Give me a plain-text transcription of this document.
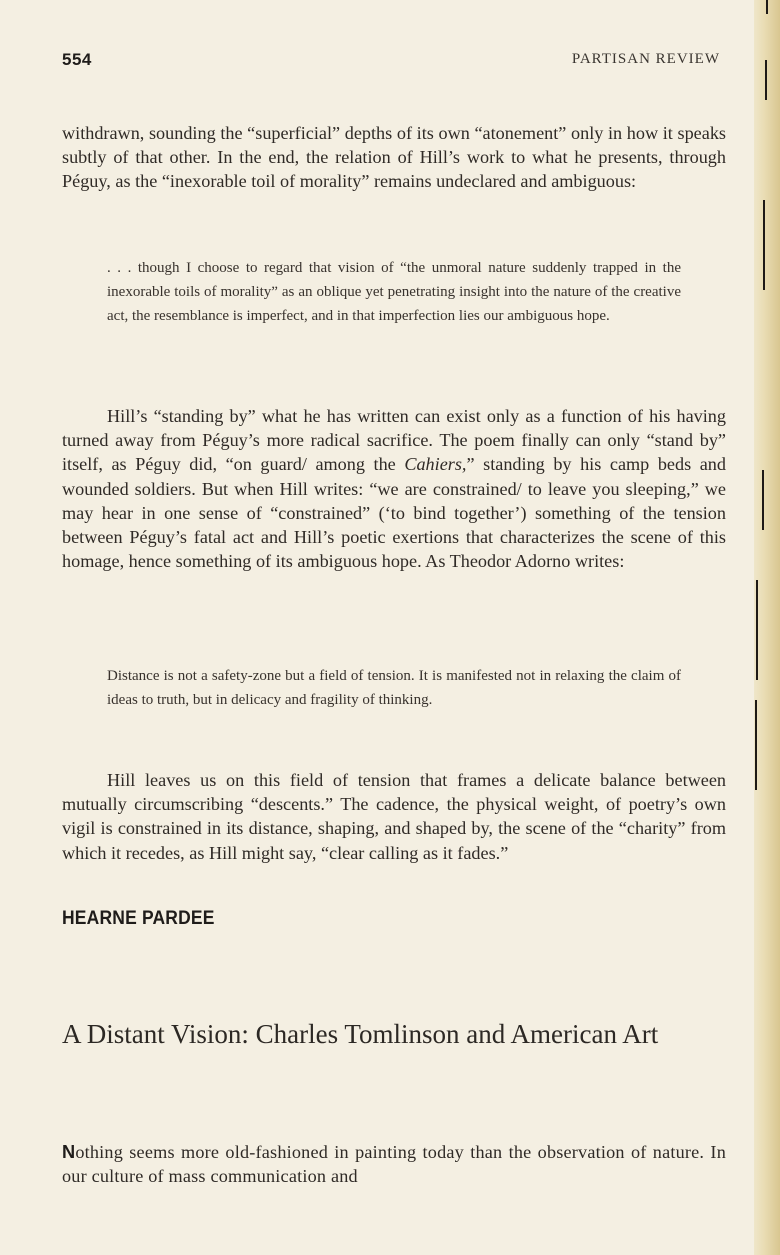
554	PARTISAN REVIEW

withdrawn, sounding the “superficial” depths of its own “atonement” only in how it speaks subtly of that other. In the end, the relation of Hill’s work to what he presents, through Péguy, as the “inexorable toil of morality” remains undeclared and ambiguous:

. . . though I choose to regard that vision of “the unmoral nature suddenly trapped in the inexorable toils of morality” as an oblique yet penetrating insight into the nature of the creative act, the resemblance is imperfect, and in that imperfection lies our ambiguous hope.

Hill’s “standing by” what he has written can exist only as a function of his having turned away from Péguy’s more radical sacrifice. The poem finally can only “stand by” itself, as Péguy did, “on guard/ among the Cahiers,” standing by his camp beds and wounded soldiers. But when Hill writes: “we are constrained/ to leave you sleeping,” we may hear in one sense of “constrained” (‘to bind together’) something of the tension between Péguy’s fatal act and Hill’s poetic exertions that characterizes the scene of this homage, hence something of its ambiguous hope. As Theodor Adorno writes:

Distance is not a safety-zone but a field of tension. It is manifested not in relaxing the claim of ideas to truth, but in delicacy and fragility of thinking.

Hill leaves us on this field of tension that frames a delicate balance between mutually circumscribing “descents.” The cadence, the physical weight, of poetry’s own vigil is constrained in its distance, shaping, and shaped by, the scene of the “charity” from which it recedes, as Hill might say, “clear calling as it fades.”

HEARNE PARDEE
A Distant Vision: Charles Tomlinson and American Art

Nothing seems more old-fashioned in painting today than the observation of nature. In our culture of mass communication and
